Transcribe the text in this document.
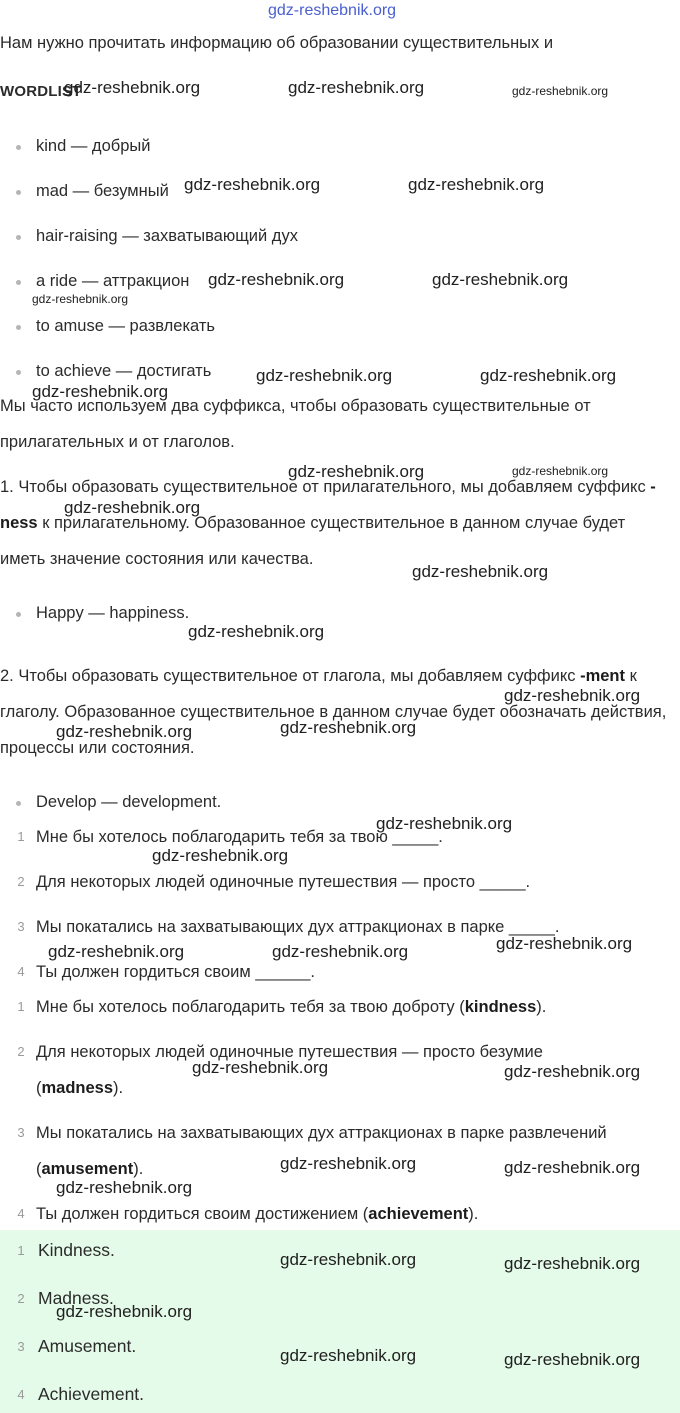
gdz-reshebnik.org
Нам нужно прочитать информацию об образовании существительных и
WORDLIST
gdz-reshebnik.org	gdz-reshebnik.org	gdz-reshebnik.org
kind — добрый
mad — безумный gdz-reshebnik.org	gdz-reshebnik.org
hair-raising — захватывающий дух
a ride — аттракцион gdz-reshebnik.org	gdz-reshebnik.org
gdz-reshebnik.org
to amuse — развлекать
to achieve — достигать	gdz-reshebnik.org	gdz-reshebnik.org
gdz-reshebnik.org
Мы часто используем два суффикса, чтобы образовать существительные от прилагательных и от глаголов.
gdz-reshebnik.org	gdz-reshebnik.org
1. Чтобы образовать существительное от прилагательного, мы добавляем суффикс -ness к прилагательному. Образованное существительное в данном случае будет иметь значение состояния или качества.
gdz-reshebnik.org
gdz-reshebnik.org
Happy — happiness.
gdz-reshebnik.org
2. Чтобы образовать существительное от глагола, мы добавляем суффикс -ment к глаголу. Образованное существительное в данном случае будет обозначать действия, процессы или состояния.
gdz-reshebnik.org
gdz-reshebnik.org
gdz-reshebnik.org
Develop — development.
1 Мне бы хотелось поблагодарить тебя за твою _____.
gdz-reshebnik.org
gdz-reshebnik.org
2 Для некоторых людей одиночные путешествия — просто _____.
3 Мы покатались на захватывающих дух аттракционах в парке _____.
gdz-reshebnik.org
gdz-reshebnik.org	gdz-reshebnik.org
4 Ты должен гордиться своим ______.
1 Мне бы хотелось поблагодарить тебя за твою доброту (kindness).
2 Для некоторых людей одиночные путешествия — просто безумие
(madness).
gdz-reshebnik.org	gdz-reshebnik.org
3 Мы покатались на захватывающих дух аттракционах в парке развлечений
(amusement).	gdz-reshebnik.org	gdz-reshebnik.org
gdz-reshebnik.org
4 Ты должен гордиться своим достижением (achievement).
1 Kindness.
2 Madness.
3 Amusement.
4 Achievement.
gdz-reshebnik.org	gdz-reshebnik.org
gdz-reshebnik.org
gdz-reshebnik.org	gdz-reshebnik.org
